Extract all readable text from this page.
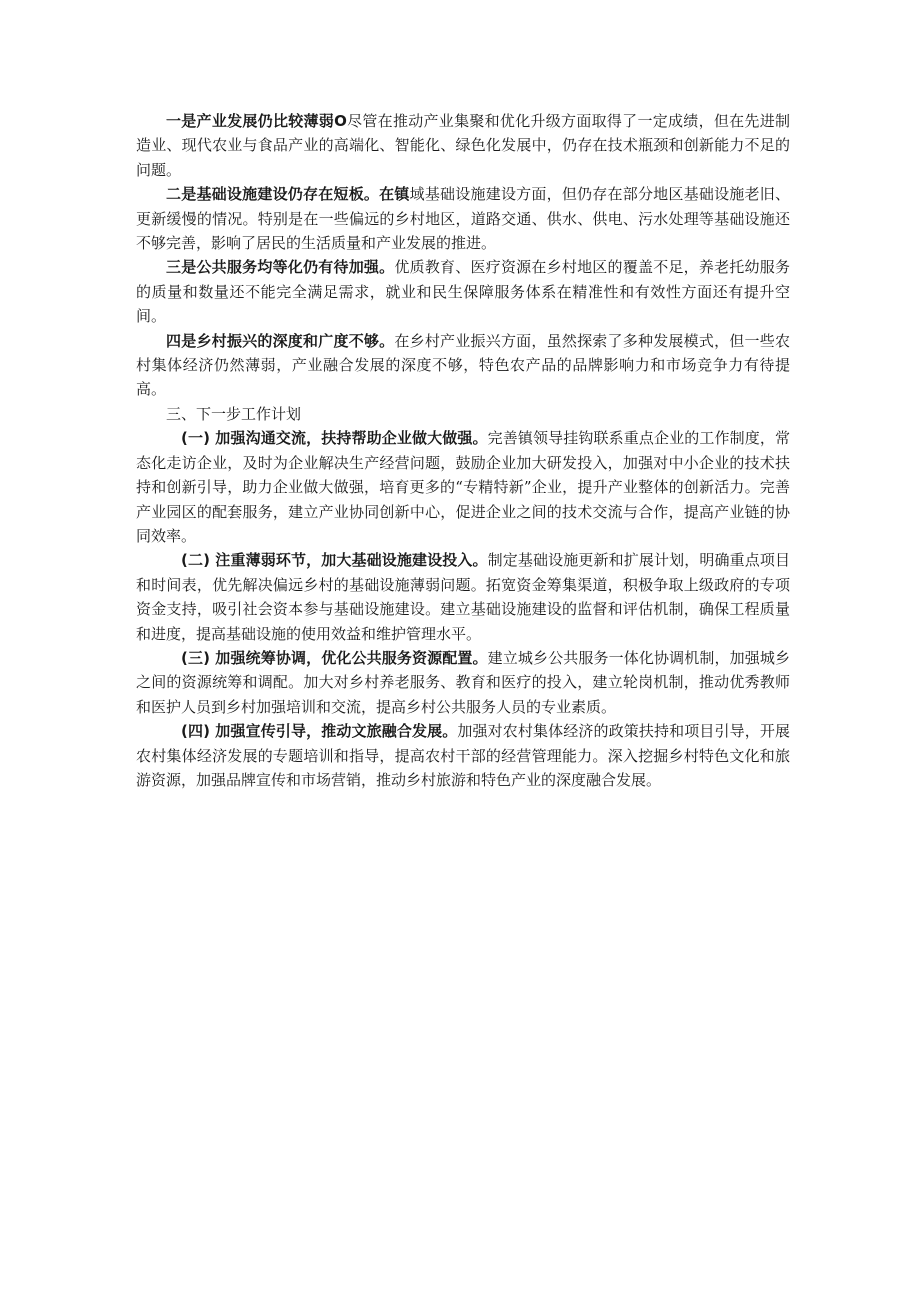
一是产业发展仍比较薄弱O尽管在推动产业集聚和优化升级方面取得了一定成绩，但在先进制造业、现代农业与食品产业的高端化、智能化、绿色化发展中，仍存在技术瓶颈和创新能力不足的问题。

二是基础设施建设仍存在短板。在镇域基础设施建设方面，但仍存在部分地区基础设施老旧、更新缓慢的情况。特别是在一些偏远的乡村地区，道路交通、供水、供电、污水处理等基础设施还不够完善，影响了居民的生活质量和产业发展的推进。

三是公共服务均等化仍有待加强。优质教育、医疗资源在乡村地区的覆盖不足，养老托幼服务的质量和数量还不能完全满足需求，就业和民生保障服务体系在精准性和有效性方面还有提升空间。

四是乡村振兴的深度和广度不够。在乡村产业振兴方面，虽然探索了多种发展模式，但一些农村集体经济仍然薄弱，产业融合发展的深度不够，特色农产品的品牌影响力和市场竞争力有待提高。

三、下一步工作计划

(一) 加强沟通交流，扶持帮助企业做大做强。完善镇领导挂钩联系重点企业的工作制度，常态化走访企业，及时为企业解决生产经营问题，鼓励企业加大研发投入，加强对中小企业的技术扶持和创新引导，助力企业做大做强，培育更多的“专精特新”企业，提升产业整体的创新活力。完善产业园区的配套服务，建立产业协同创新中心，促进企业之间的技术交流与合作，提高产业链的协同效率。

(二) 注重薄弱环节，加大基础设施建设投入。制定基础设施更新和扩展计划，明确重点项目和时间表，优先解决偏远乡村的基础设施薄弱问题。拓宽资金筹集渠道，积极争取上级政府的专项资金支持，吸引社会资本参与基础设施建设。建立基础设施建设的监督和评估机制，确保工程质量和进度，提高基础设施的使用效益和维护管理水平。

(三) 加强统筹协调，优化公共服务资源配置。建立城乡公共服务一体化协调机制，加强城乡之间的资源统筹和调配。加大对乡村养老服务、教育和医疗的投入，建立轮岗机制，推动优秀教师和医护人员到乡村加强培训和交流，提高乡村公共服务人员的专业素质。

(四) 加强宣传引导，推动文旅融合发展。加强对农村集体经济的政策扶持和项目引导，开展农村集体经济发展的专题培训和指导，提高农村干部的经营管理能力。深入挖掘乡村特色文化和旅游资源，加强品牌宣传和市场营销，推动乡村旅游和特色产业的深度融合发展。
